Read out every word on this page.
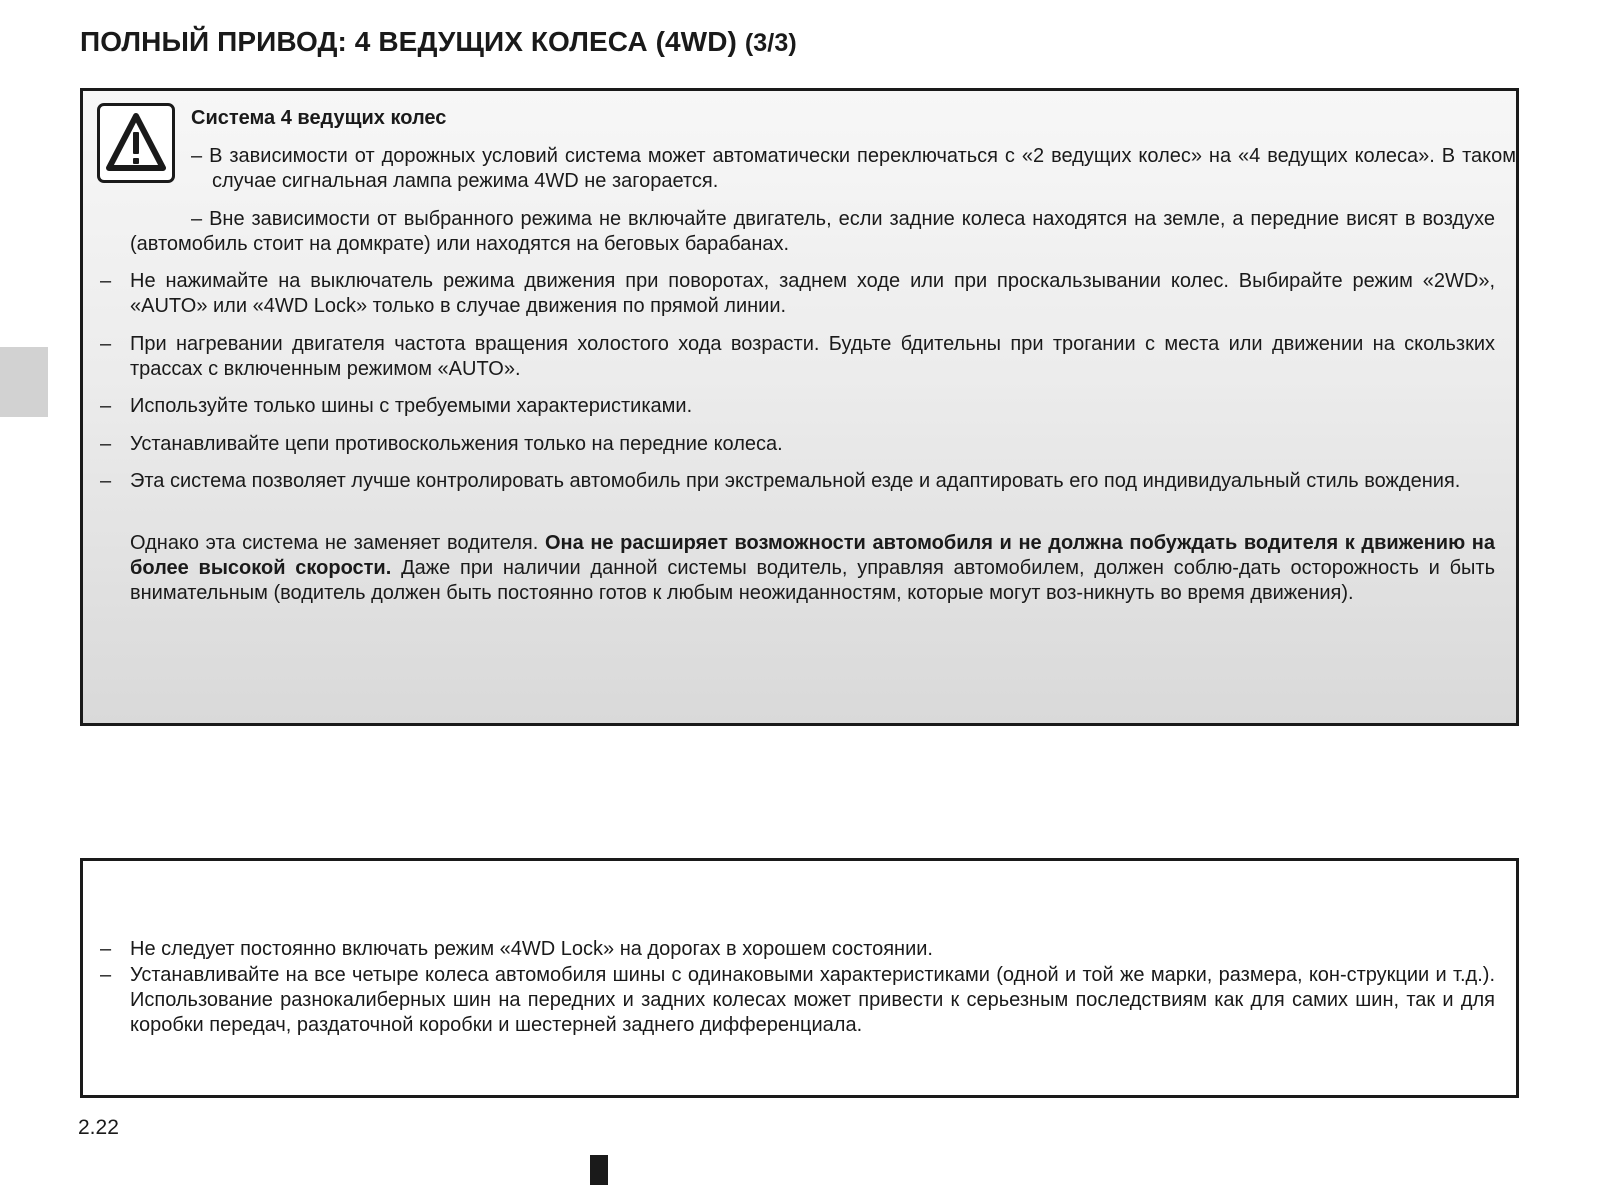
ПОЛНЫЙ ПРИВОД: 4 ВЕДУЩИХ КОЛЕСА (4WD) (3/3)
Система 4 ведущих колес

– В зависимости от дорожных условий система может автоматически переключаться с «2 ведущих колес» на «4 ведущих колеса». В таком случае сигнальная лампа режима 4WD не загорается.

– Вне зависимости от выбранного режима не включайте двигатель, если задние колеса находятся на земле, а передние висят в воздухе (автомобиль стоит на домкрате) или находятся на беговых барабанах.

– Не нажимайте на выключатель режима движения при поворотах, заднем ходе или при проскальзывании колес. Выбирайте режим «2WD», «AUTO» или «4WD Lock» только в случае движения по прямой линии.

– При нагревании двигателя частота вращения холостого хода возрасти. Будьте бдительны при трогании с места или движении на скользких трассах с включенным режимом «AUTO».

– Используйте только шины с требуемыми характеристиками.

– Устанавливайте цепи противоскольжения только на передние колеса.

– Эта система позволяет лучше контролировать автомобиль при экстремальной езде и адаптировать его под индивидуальный стиль вождения.

Однако эта система не заменяет водителя. Она не расширяет возможности автомобиля и не должна побуждать водителя к движению на более высокой скорости. Даже при наличии данной системы водитель, управляя автомобилем, должен соблю-дать осторожность и быть внимательным (водитель должен быть постоянно готов к любым неожиданностям, которые могут воз-никнуть во время движения).

– Не следует постоянно включать режим «4WD Lock» на дорогах в хорошем состоянии.

– Устанавливайте на все четыре колеса автомобиля шины с одинаковыми характеристиками (одной и той же марки, размера, кон-струкции и т.д.). Использование разнокалиберных шин на передних и задних колесах может привести к серьезным последствиям как для самих шин, так и для коробки передач, раздаточной коробки и шестерней заднего дифференциала.

2.22
